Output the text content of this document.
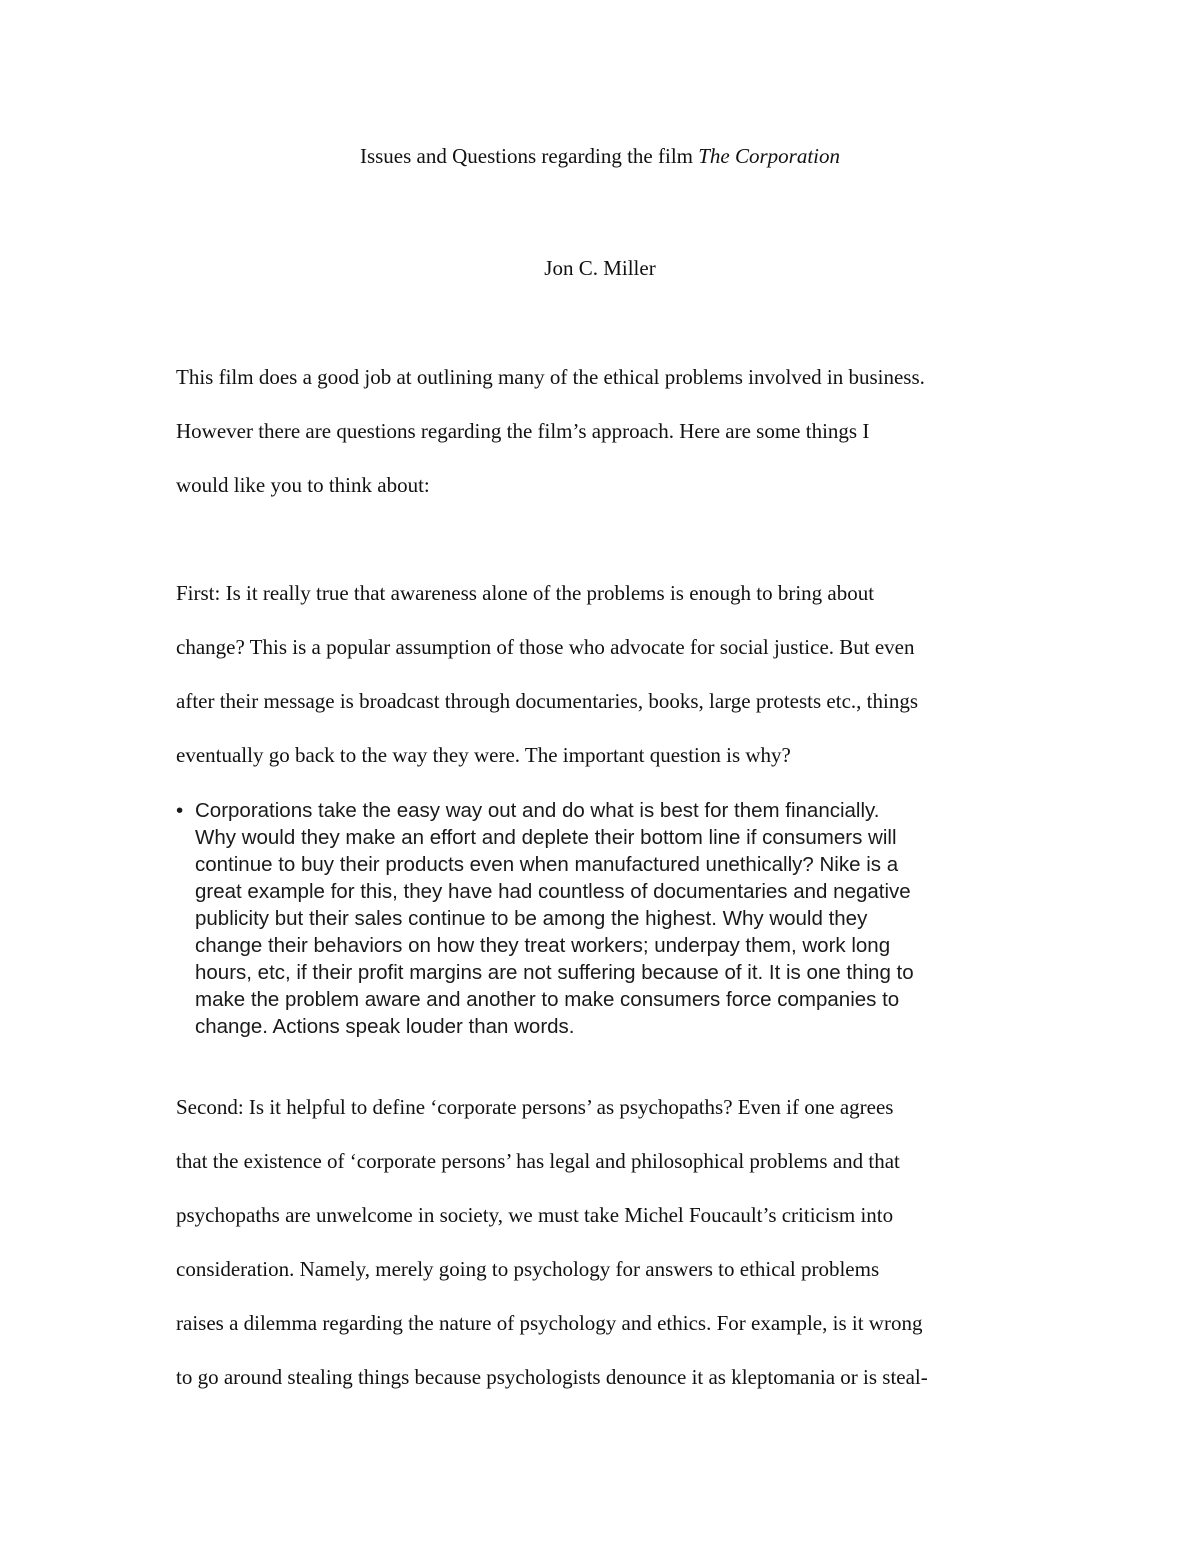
Issues and Questions regarding the film The Corporation
Jon C. Miller
This film does a good job at outlining many of the ethical problems involved in business.
However there are questions regarding the film’s approach. Here are some things I
would like you to think about:
First: Is it really true that awareness alone of the problems is enough to bring about
change? This is a popular assumption of those who advocate for social justice. But even
after their message is broadcast through documentaries, books, large protests etc., things
eventually go back to the way they were. The important question is why?
• Corporations take the easy way out and do what is best for them financially.
Why would they make an effort and deplete their bottom line if consumers will
continue to buy their products even when manufactured unethically? Nike is a
great example for this, they have had countless of documentaries and negative
publicity but their sales continue to be among the highest. Why would they
change their behaviors on how they treat workers; underpay them, work long
hours, etc, if their profit margins are not suffering because of it. It is one thing to
make the problem aware and another to make consumers force companies to
change. Actions speak louder than words.
Second: Is it helpful to define ‘corporate persons’ as psychopaths? Even if one agrees
that the existence of ‘corporate persons’ has legal and philosophical problems and that
psychopaths are unwelcome in society, we must take Michel Foucault’s criticism into
consideration. Namely, merely going to psychology for answers to ethical problems
raises a dilemma regarding the nature of psychology and ethics. For example, is it wrong
to go around stealing things because psychologists denounce it as kleptomania or is steal-
